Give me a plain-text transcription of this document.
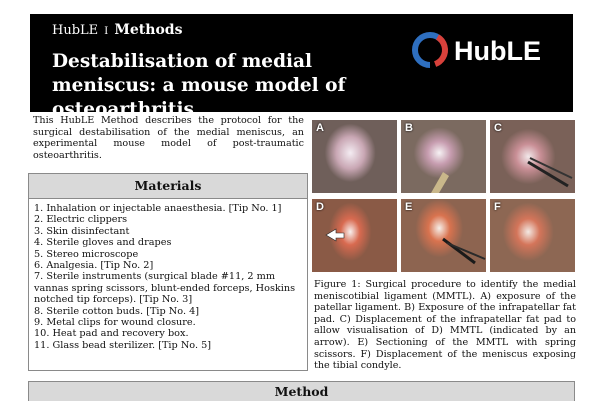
HubLE I Methods
Destabilisation of medial meniscus: a mouse model of osteoarthritis
HubLE

This HubLE Method describes the protocol for the surgical destabilisation of the medial meniscus, an experimental mouse model of post-traumatic osteoarthritis.

Materials
1. Inhalation or injectable anaesthesia. [Tip No. 1]
2. Electric clippers
3. Skin disinfectant
4. Sterile gloves and drapes
5. Stereo microscope
6. Analgesia. [Tip No. 2]
7. Sterile instruments (surgical blade #11, 2 mm vannas spring scissors, blunt-ended forceps, Hoskins notched tip forceps). [Tip No. 3]
8. Sterile cotton buds. [Tip No. 4]
9. Metal clips for wound closure.
10. Heat pad and recovery box.
11. Glass bead sterilizer. [Tip No. 5]
A	B	C
D	E	F

Figure 1: Surgical procedure to identify the medial meniscotibial ligament (MMTL). A) exposure of the patellar ligament. B) Exposure of the infrapatellar fat pad. C) Displacement of the infrapatellar fat pad to allow visualisation of D) MMTL (indicated by an arrow). E) Sectioning of the MMTL with spring scissors. F) Displacement of the meniscus exposing the tibial condyle.

Method
